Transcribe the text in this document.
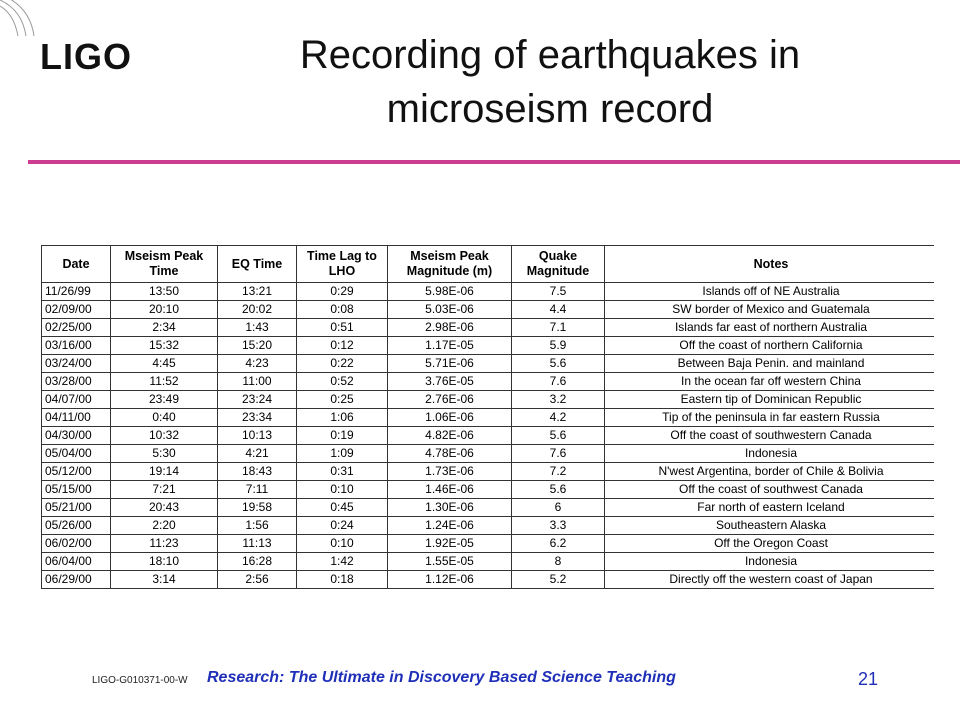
LIGO	Recording of earthquakes in
microseism record
Date	Mseism Peak Time	EQ Time	Time Lag to LHO	Mseism Peak Magnitude (m)	Quake Magnitude	Notes
11/26/99	13:50	13:21	0:29	5.98E-06	7.5	Islands off of NE Australia
02/09/00	20:10	20:02	0:08	5.03E-06	4.4	SW border of Mexico and Guatemala
02/25/00	2:34	1:43	0:51	2.98E-06	7.1	Islands far east of northern Australia
03/16/00	15:32	15:20	0:12	1.17E-05	5.9	Off the coast of northern California
03/24/00	4:45	4:23	0:22	5.71E-06	5.6	Between Baja Penin. and mainland
03/28/00	11:52	11:00	0:52	3.76E-05	7.6	In the ocean far off western China
04/07/00	23:49	23:24	0:25	2.76E-06	3.2	Eastern tip of Dominican Republic
04/11/00	0:40	23:34	1:06	1.06E-06	4.2	Tip of the peninsula in far eastern Russia
04/30/00	10:32	10:13	0:19	4.82E-06	5.6	Off the coast of southwestern Canada
05/04/00	5:30	4:21	1:09	4.78E-06	7.6	Indonesia
05/12/00	19:14	18:43	0:31	1.73E-06	7.2	N'west Argentina, border of Chile & Bolivia
05/15/00	7:21	7:11	0:10	1.46E-06	5.6	Off the coast of southwest Canada
05/21/00	20:43	19:58	0:45	1.30E-06	6	Far north of eastern Iceland
05/26/00	2:20	1:56	0:24	1.24E-06	3.3	Southeastern Alaska
06/02/00	11:23	11:13	0:10	1.92E-05	6.2	Off the Oregon Coast
06/04/00	18:10	16:28	1:42	1.55E-05	8	Indonesia
06/29/00	3:14	2:56	0:18	1.12E-06	5.2	Directly off the western coast of Japan
LIGO-G010371-00-W Research: The Ultimate in Discovery Based Science Teaching	21
